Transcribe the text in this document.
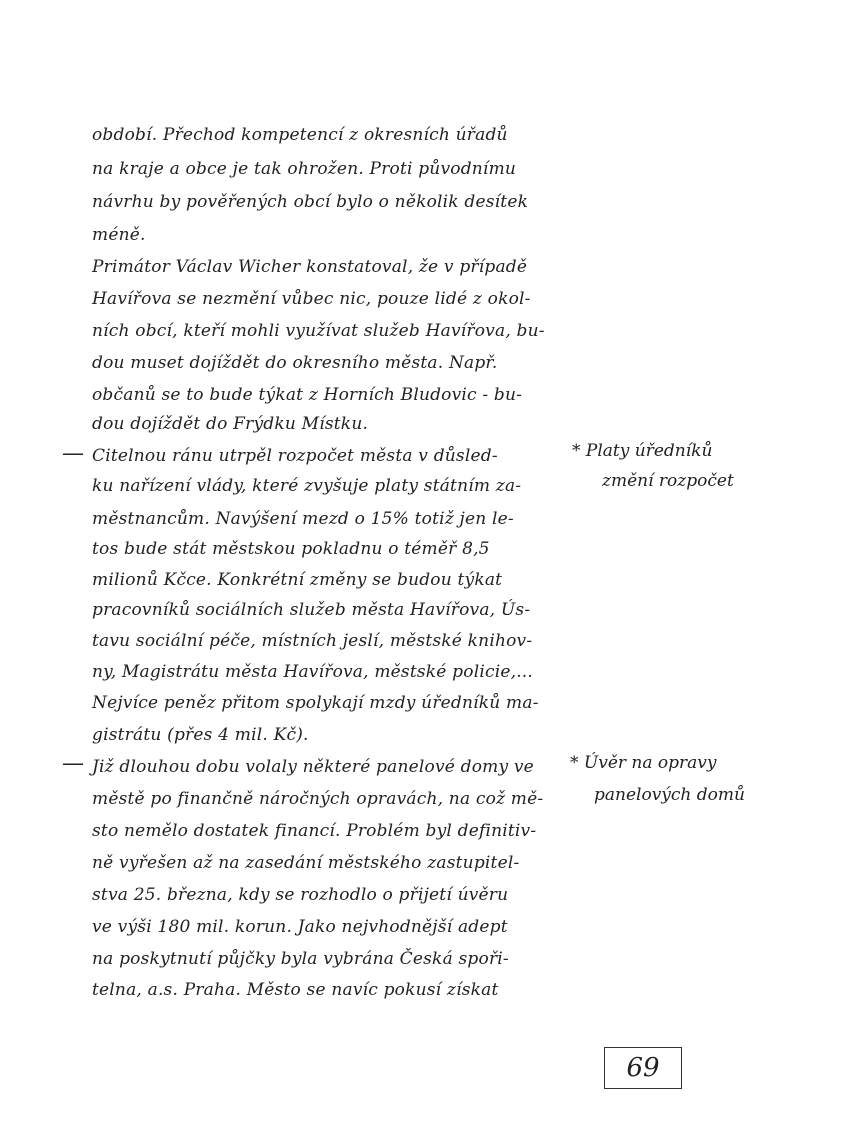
období. Přechod kompetencí z okresních úřadů
na kraje a obce je tak ohrožen. Proti původnímu
návrhu by pověřených obcí bylo o několik desítek
méně.
Primátor Václav Wicher konstatoval, že v případě
Havířova se nezmění vůbec nic, pouze lidé z okol-
ních obcí, kteří mohli využívat služeb Havířova, bu-
dou muset dojíždět do okresního města. Např.
občanů se to bude týkat z Horních Bludovic - bu-
dou dojíždět do Frýdku Místku.
— Citelnou ránu utrpěl rozpočet města v důsled-
ku nařízení vlády, které zvyšuje platy státním za-
městnancům. Navýšení mezd o 15% totiž jen le-
tos bude stát městskou pokladnu o téměř 8,5
milionů Kčce. Konkrétní změny se budou týkat
pracovníků sociálních služeb města Havířova, Ús-
tavu sociální péče, místních jeslí, městské knihov-
ny, Magistrátu města Havířova, městské policie,...
Nejvíce peněz přitom spolykají mzdy úředníků ma-
gistrátu (přes 4 mil. Kč).
— Již dlouhou dobu volaly některé panelové domy ve
městě po finančně náročných opravách, na což mě-
sto nemělo dostatek financí. Problém byl definitiv-
ně vyřešen až na zasedání městského zastupitel-
stva 25. března, kdy se rozhodlo o přijetí úvěru
ve výši 180 mil. korun. Jako nejvhodnější adept
na poskytnutí půjčky byla vybrána Česká spoři-
telna, a.s. Praha. Město se navíc pokusí získat
* Platy úředníků
změní rozpočet
* Úvěr na opravy
panelových domů
69
